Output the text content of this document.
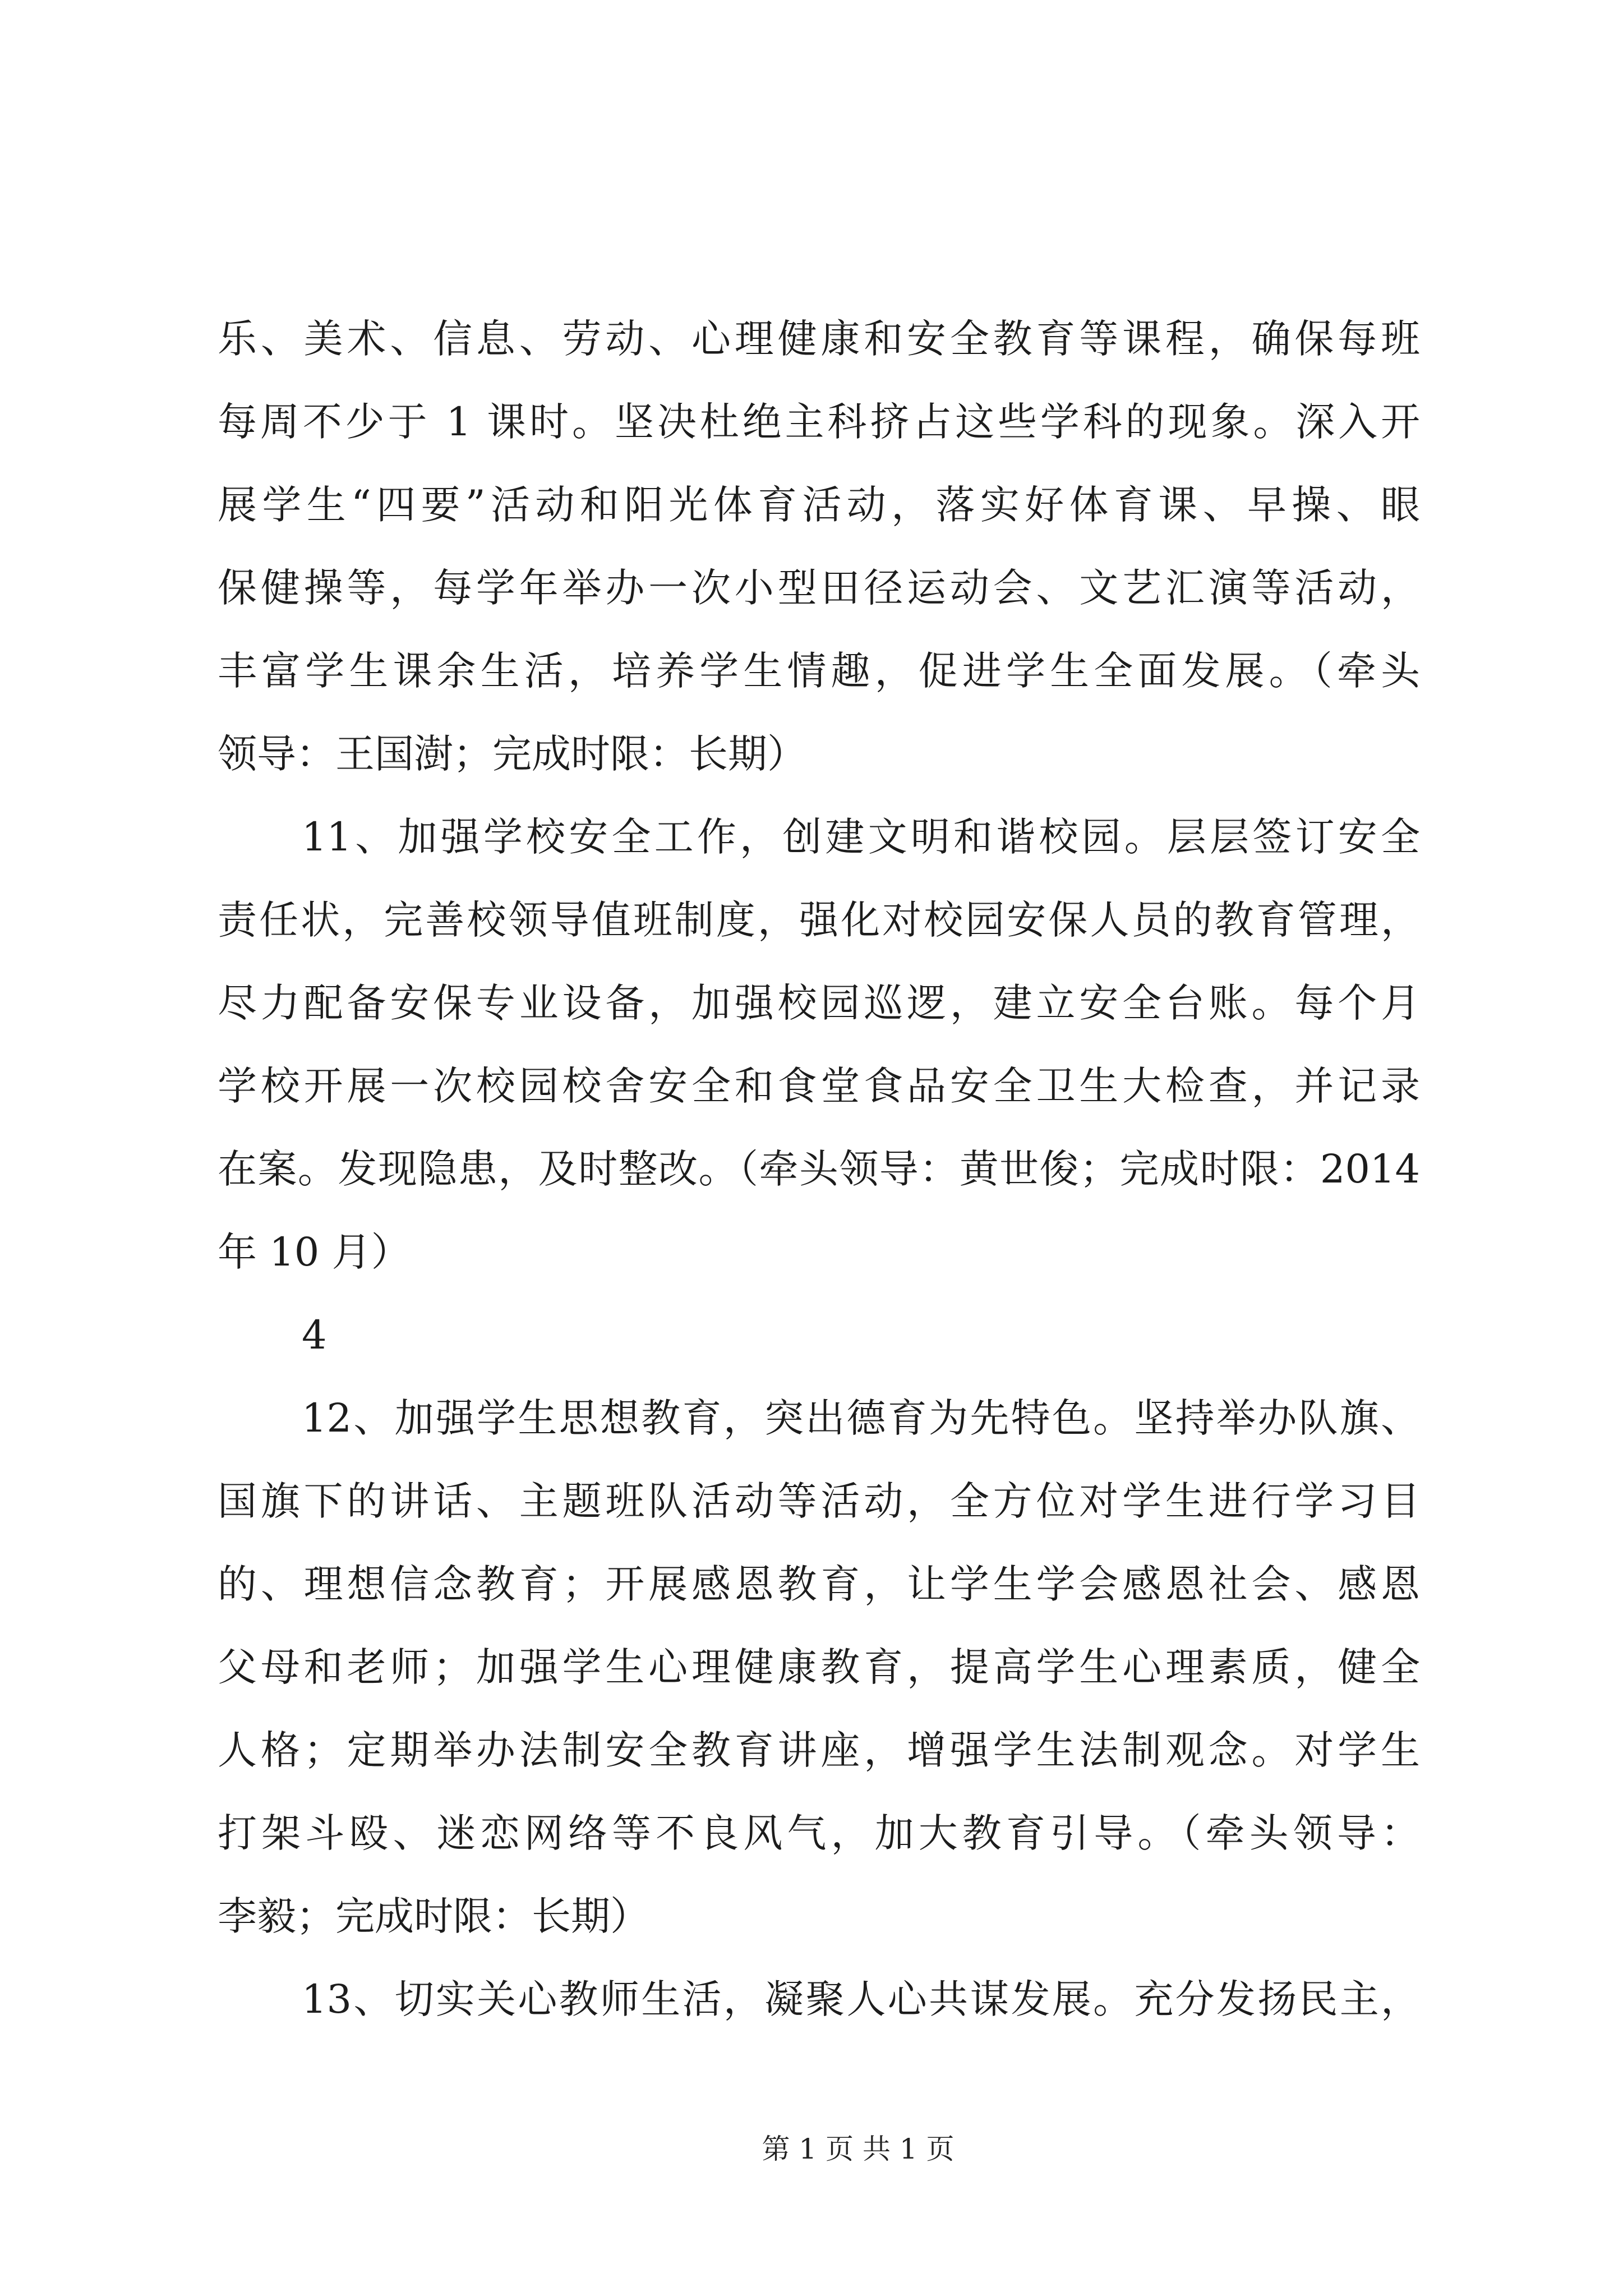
乐、美术、信息、劳动、心理健康和安全教育等课程，确保每班
每周不少于 1 课时。坚决杜绝主科挤占这些学科的现象。深入开
展学生“四要”活动和阳光体育活动，落实好体育课、早操、眼
保健操等，每学年举办一次小型田径运动会、文艺汇演等活动，
丰富学生课余生活，培养学生情趣，促进学生全面发展。（牵头
领导：王国澍；完成时限：长期）
11、加强学校安全工作，创建文明和谐校园。层层签订安全
责任状，完善校领导值班制度，强化对校园安保人员的教育管理，
尽力配备安保专业设备，加强校园巡逻，建立安全台账。每个月
学校开展一次校园校舍安全和食堂食品安全卫生大检查，并记录
在案。发现隐患，及时整改。（牵头领导：黄世俊；完成时限：2014
年 10 月）
4
12、加强学生思想教育，突出德育为先特色。坚持举办队旗、
国旗下的讲话、主题班队活动等活动，全方位对学生进行学习目
的、理想信念教育；开展感恩教育，让学生学会感恩社会、感恩
父母和老师；加强学生心理健康教育，提高学生心理素质，健全
人格；定期举办法制安全教育讲座，增强学生法制观念。对学生
打架斗殴、迷恋网络等不良风气，加大教育引导。（牵头领导：
李毅；完成时限：长期）
13、切实关心教师生活，凝聚人心共谋发展。充分发扬民主，
第 1 页 共 1 页
